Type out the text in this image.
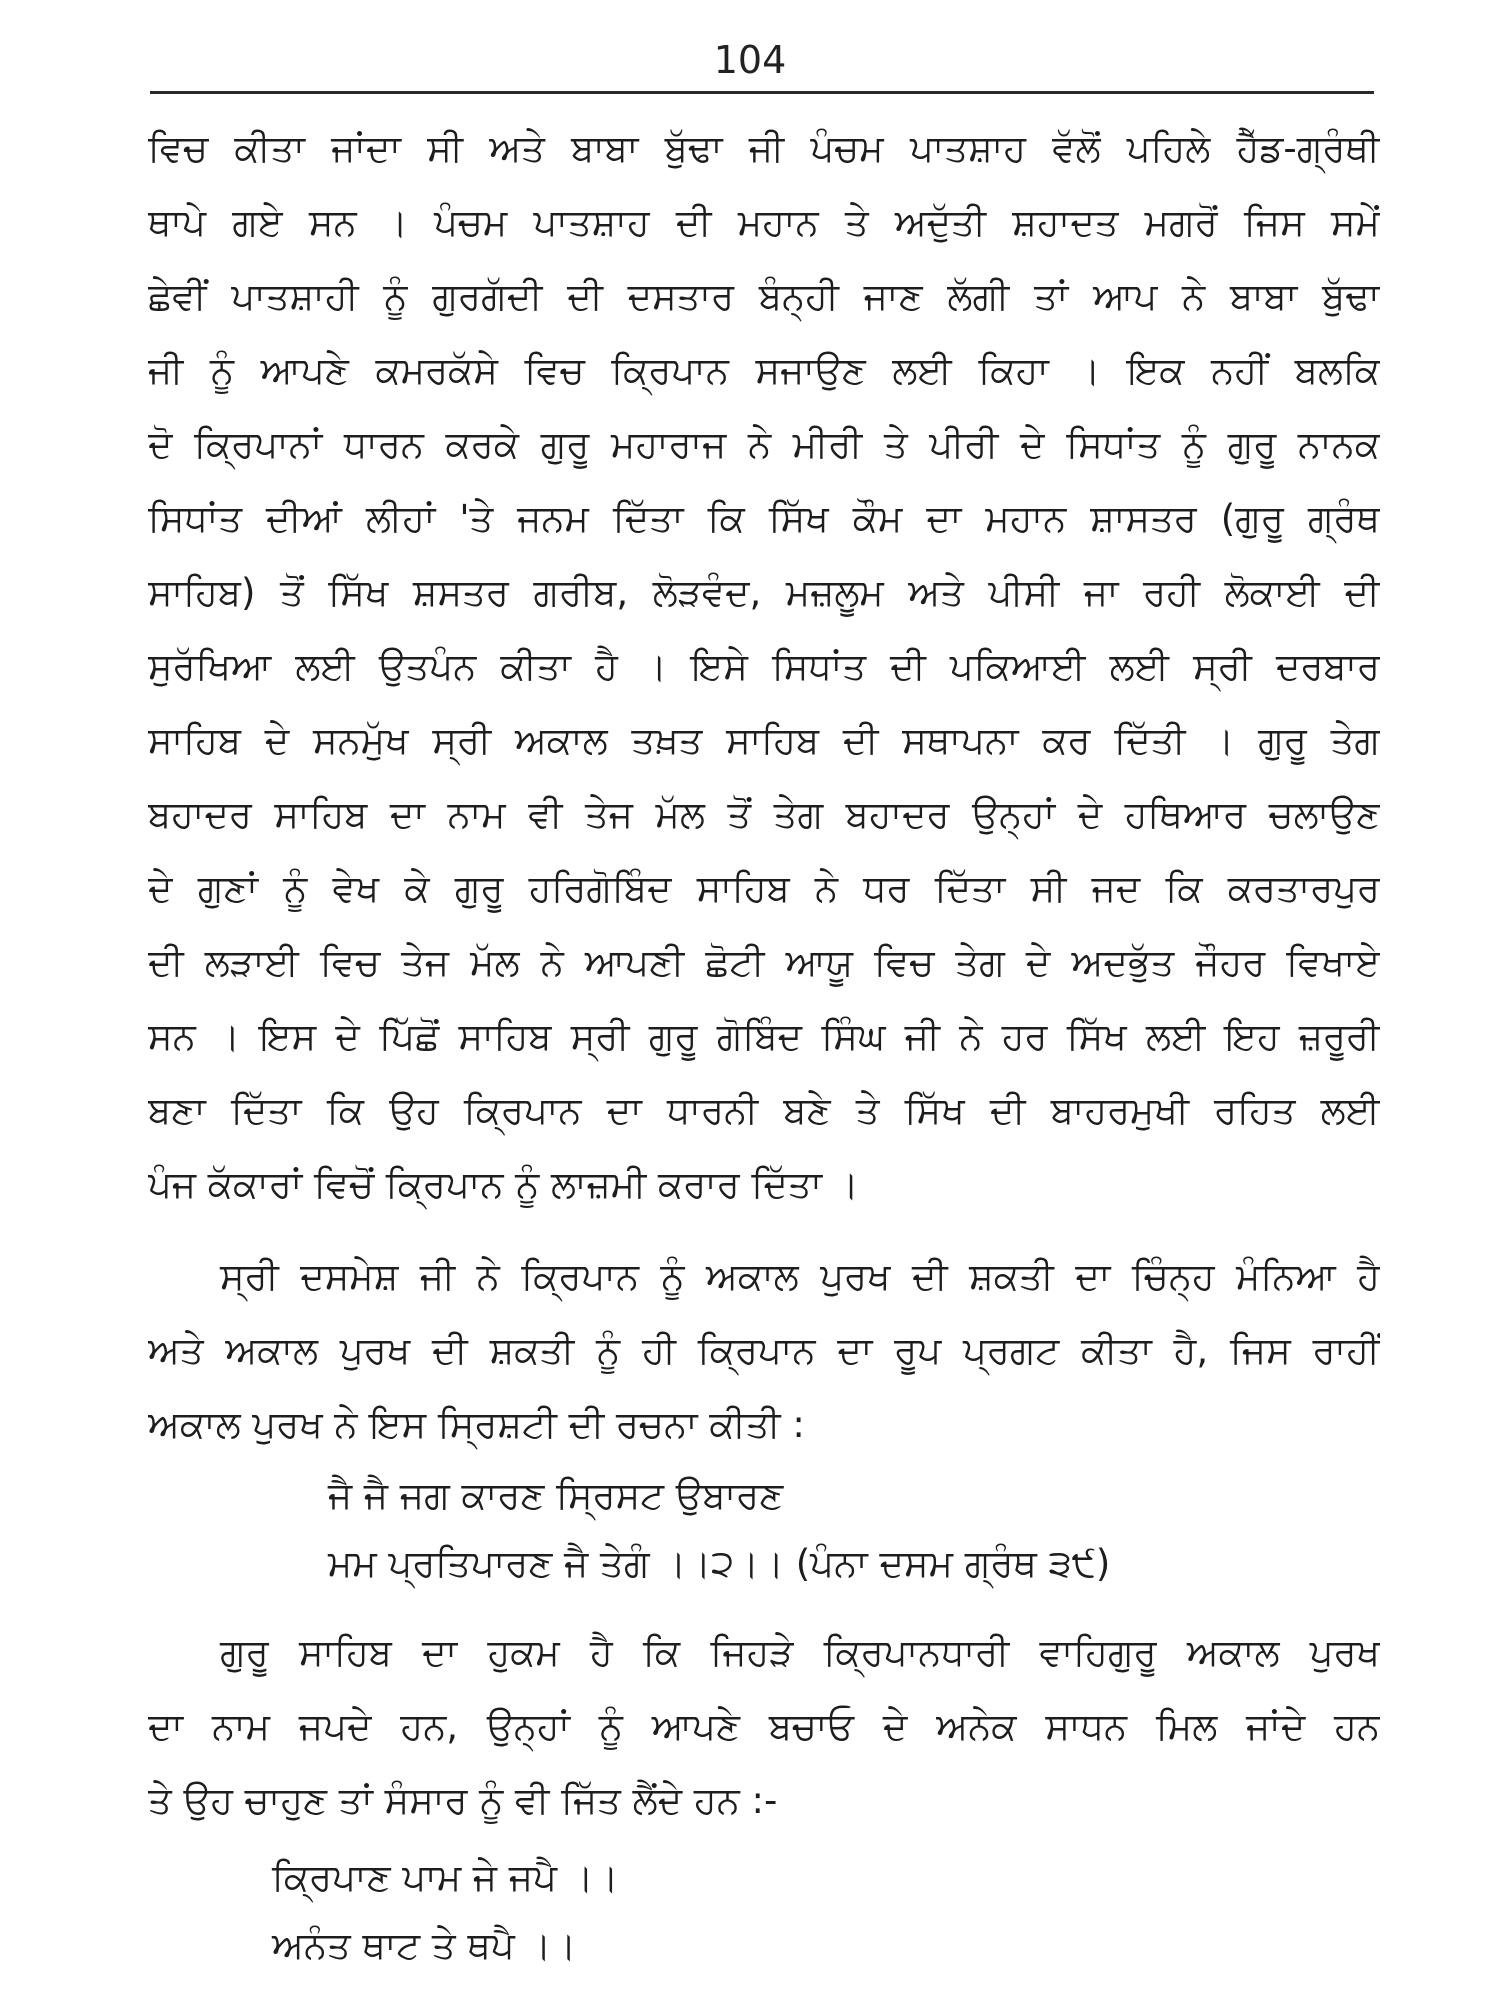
104
ਵਿਚ ਕੀਤਾ ਜਾਂਦਾ ਸੀ ਅਤੇ ਬਾਬਾ ਬੁੱਢਾ ਜੀ ਪੰਚਮ ਪਾਤਸ਼ਾਹ ਵੱਲੋਂ ਪਹਿਲੇ ਹੈੱਡ-ਗ੍ਰੰਥੀ
ਥਾਪੇ ਗਏ ਸਨ । ਪੰਚਮ ਪਾਤਸ਼ਾਹ ਦੀ ਮਹਾਨ ਤੇ ਅਦੁੱਤੀ ਸ਼ਹਾਦਤ ਮਗਰੋਂ ਜਿਸ ਸਮੇਂ
ਛੇਵੀਂ ਪਾਤਸ਼ਾਹੀ ਨੂੰ ਗੁਰਗੱਦੀ ਦੀ ਦਸਤਾਰ ਬੰਨ੍ਹੀ ਜਾਣ ਲੱਗੀ ਤਾਂ ਆਪ ਨੇ ਬਾਬਾ ਬੁੱਢਾ
ਜੀ ਨੂੰ ਆਪਣੇ ਕਮਰਕੱਸੇ ਵਿਚ ਕ੍ਰਿਪਾਨ ਸਜਾਉਣ ਲਈ ਕਿਹਾ । ਇਕ ਨਹੀਂ ਬਲਕਿ
ਦੋ ਕ੍ਰਿਪਾਨਾਂ ਧਾਰਨ ਕਰਕੇ ਗੁਰੂ ਮਹਾਰਾਜ ਨੇ ਮੀਰੀ ਤੇ ਪੀਰੀ ਦੇ ਸਿਧਾਂਤ ਨੂੰ ਗੁਰੂ ਨਾਨਕ
ਸਿਧਾਂਤ ਦੀਆਂ ਲੀਹਾਂ 'ਤੇ ਜਨਮ ਦਿੱਤਾ ਕਿ ਸਿੱਖ ਕੌਮ ਦਾ ਮਹਾਨ ਸ਼ਾਸਤਰ (ਗੁਰੂ ਗ੍ਰੰਥ
ਸਾਹਿਬ) ਤੋਂ ਸਿੱਖ ਸ਼ਸਤਰ ਗਰੀਬ, ਲੋੜਵੰਦ, ਮਜ਼ਲੂਮ ਅਤੇ ਪੀਸੀ ਜਾ ਰਹੀ ਲੋਕਾਈ ਦੀ
ਸੁਰੱਖਿਆ ਲਈ ਉਤਪੰਨ ਕੀਤਾ ਹੈ । ਇਸੇ ਸਿਧਾਂਤ ਦੀ ਪਕਿਆਈ ਲਈ ਸ੍ਰੀ ਦਰਬਾਰ
ਸਾਹਿਬ ਦੇ ਸਨਮੁੱਖ ਸ੍ਰੀ ਅਕਾਲ ਤਖ਼ਤ ਸਾਹਿਬ ਦੀ ਸਥਾਪਨਾ ਕਰ ਦਿੱਤੀ । ਗੁਰੂ ਤੇਗ
ਬਹਾਦਰ ਸਾਹਿਬ ਦਾ ਨਾਮ ਵੀ ਤੇਜ ਮੱਲ ਤੋਂ ਤੇਗ ਬਹਾਦਰ ਉਨ੍ਹਾਂ ਦੇ ਹਥਿਆਰ ਚਲਾਉਣ
ਦੇ ਗੁਣਾਂ ਨੂੰ ਵੇਖ ਕੇ ਗੁਰੂ ਹਰਿਗੋਬਿੰਦ ਸਾਹਿਬ ਨੇ ਧਰ ਦਿੱਤਾ ਸੀ ਜਦ ਕਿ ਕਰਤਾਰਪੁਰ
ਦੀ ਲੜਾਈ ਵਿਚ ਤੇਜ ਮੱਲ ਨੇ ਆਪਣੀ ਛੋਟੀ ਆਯੂ ਵਿਚ ਤੇਗ ਦੇ ਅਦਭੁੱਤ ਜੌਹਰ ਵਿਖਾਏ
ਸਨ । ਇਸ ਦੇ ਪਿੱਛੋਂ ਸਾਹਿਬ ਸ੍ਰੀ ਗੁਰੂ ਗੋਬਿੰਦ ਸਿੰਘ ਜੀ ਨੇ ਹਰ ਸਿੱਖ ਲਈ ਇਹ ਜ਼ਰੂਰੀ
ਬਣਾ ਦਿੱਤਾ ਕਿ ਉਹ ਕ੍ਰਿਪਾਨ ਦਾ ਧਾਰਨੀ ਬਣੇ ਤੇ ਸਿੱਖ ਦੀ ਬਾਹਰਮੁਖੀ ਰਹਿਤ ਲਈ
ਪੰਜ ਕੱਕਾਰਾਂ ਵਿਚੋਂ ਕ੍ਰਿਪਾਨ ਨੂੰ ਲਾਜ਼ਮੀ ਕਰਾਰ ਦਿੱਤਾ ।
ਸ੍ਰੀ ਦਸਮੇਸ਼ ਜੀ ਨੇ ਕ੍ਰਿਪਾਨ ਨੂੰ ਅਕਾਲ ਪੁਰਖ ਦੀ ਸ਼ਕਤੀ ਦਾ ਚਿੰਨ੍ਹ ਮੰਨਿਆ ਹੈ
ਅਤੇ ਅਕਾਲ ਪੁਰਖ ਦੀ ਸ਼ਕਤੀ ਨੂੰ ਹੀ ਕ੍ਰਿਪਾਨ ਦਾ ਰੂਪ ਪ੍ਰਗਟ ਕੀਤਾ ਹੈ, ਜਿਸ ਰਾਹੀਂ
ਅਕਾਲ ਪੁਰਖ ਨੇ ਇਸ ਸ੍ਰਿਸ਼ਟੀ ਦੀ ਰਚਨਾ ਕੀਤੀ :
ਜੈ ਜੈ ਜਗ ਕਾਰਣ ਸ੍ਰਿਸਟ ਉਬਾਰਣ
ਮਮ ਪ੍ਰਤਿਪਾਰਣ ਜੈ ਤੇਗੰ ।।੨।। (ਪੰਨਾ ਦਸਮ ਗ੍ਰੰਥ ੩੯)
ਗੁਰੂ ਸਾਹਿਬ ਦਾ ਹੁਕਮ ਹੈ ਕਿ ਜਿਹੜੇ ਕ੍ਰਿਪਾਨਧਾਰੀ ਵਾਹਿਗੁਰੂ ਅਕਾਲ ਪੁਰਖ
ਦਾ ਨਾਮ ਜਪਦੇ ਹਨ, ਉਨ੍ਹਾਂ ਨੂੰ ਆਪਣੇ ਬਚਾਓ ਦੇ ਅਨੇਕ ਸਾਧਨ ਮਿਲ ਜਾਂਦੇ ਹਨ
ਤੇ ਉਹ ਚਾਹੁਣ ਤਾਂ ਸੰਸਾਰ ਨੂੰ ਵੀ ਜਿੱਤ ਲੈਂਦੇ ਹਨ :-
ਕ੍ਰਿਪਾਣ ਪਾਮ ਜੇ ਜਪੈ ।।
ਅਨੰਤ ਥਾਟ ਤੇ ਥਪੈ ।।
